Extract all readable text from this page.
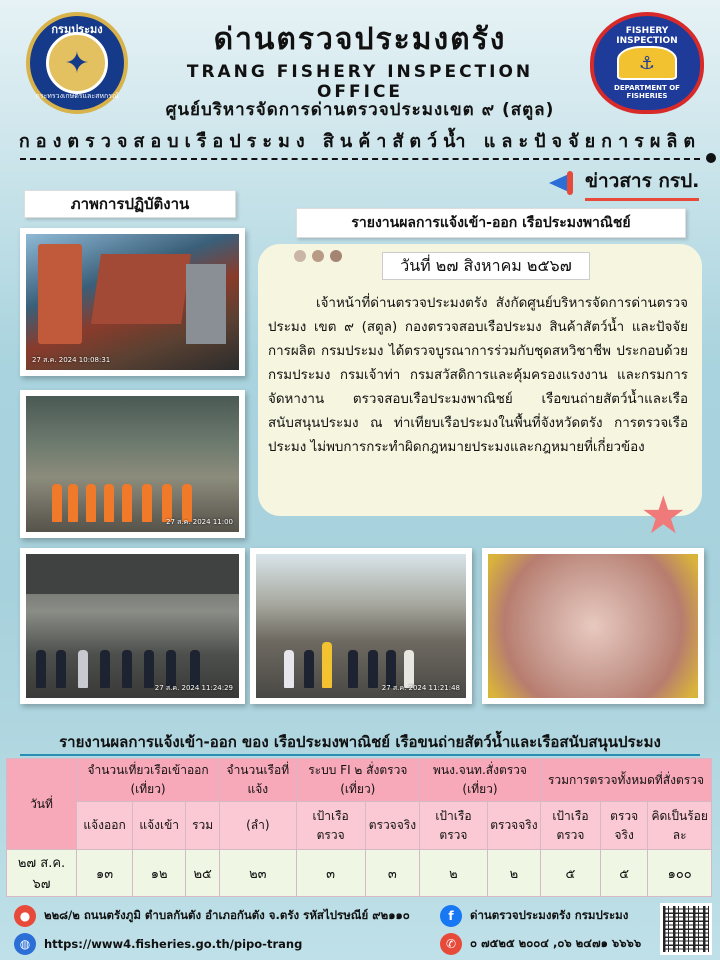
กรมประมง
✦
กระทรวงเกษตรและสหกรณ์
ด่านตรวจประมงตรัง
TRANG FISHERY INSPECTION OFFICE
ศูนย์บริหารจัดการด่านตรวจประมงเขต ๙ (สตูล)
กองตรวจสอบเรือประมง สินค้าสัตว์น้ำ และปัจจัยการผลิต
FISHERY INSPECTION
⚓
DEPARTMENT OF FISHERIES
ข่าวสาร กรป.
ภาพการปฏิบัติงาน
รายงานผลการแจ้งเข้า-ออก เรือประมงพาณิชย์
27 ส.ค. 2024 10:08:31
27 ส.ค. 2024 11:00
27 ส.ค. 2024 11:24:29	27 ส.ค. 2024 11:21:48
วันที่ ๒๗ สิงหาคม ๒๕๖๗
เจ้าหน้าที่ด่านตรวจประมงตรัง สังกัดศูนย์บริหารจัดการด่านตรวจประมง เขต ๙ (สตูล) กองตรวจสอบเรือประมง สินค้าสัตว์น้ำ และปัจจัยการผลิต กรมประมง ได้ตรวจบูรณาการร่วมกับชุดสหวิชาชีพ ประกอบด้วย กรมประมง กรมเจ้าท่า กรมสวัสดิการและคุ้มครองแรงงาน และกรมการจัดหางาน ตรวจสอบเรือประมงพาณิชย์ เรือขนถ่ายสัตว์น้ำและเรือสนับสนุนประมง ณ ท่าเทียบเรือประมงในพื้นที่จังหวัดตรัง การตรวจเรือประมง ไม่พบการกระทำผิดกฎหมายประมงและกฎหมายที่เกี่ยวข้อง
★
รายงานผลการแจ้งเข้า-ออก ของ เรือประมงพาณิชย์ เรือขนถ่ายสัตว์น้ำและเรือสนับสนุนประมง
วันที่	จำนวนเที่ยวเรือเข้าออก (เที่ยว)			จำนวนเรือที่แจ้ง	ระบบ FI ๒ สั่งตรวจ (เที่ยว)		พนง.จนท.สั่งตรวจ (เที่ยว)		รวมการตรวจทั้งหมดที่สั่งตรวจ		
	แจ้งออก	แจ้งเข้า	รวม	(ลำ)	เป้าเรือตรวจ	ตรวจจริง	เป้าเรือตรวจ	ตรวจจริง	เป้าเรือตรวจ	ตรวจจริง	คิดเป็นร้อยละ
๒๗ ส.ค. ๖๗	๑๓	๑๒	๒๕	๒๓	๓	๓	๒	๒	๕	๕	๑๐๐
●	๒๒๘/๒ ถนนตรังภูมิ ตำบลกันตัง อำเภอกันตัง จ.ตรัง รหัสไปรษณีย์ ๙๒๑๑๐
◍	https://www4.fisheries.go.th/pipo-trang
f	ด่านตรวจประมงตรัง กรมประมง
✆	๐ ๗๕๒๕ ๒๐๐๔ ,๐๖ ๒๔๗๑ ๖๖๖๖
